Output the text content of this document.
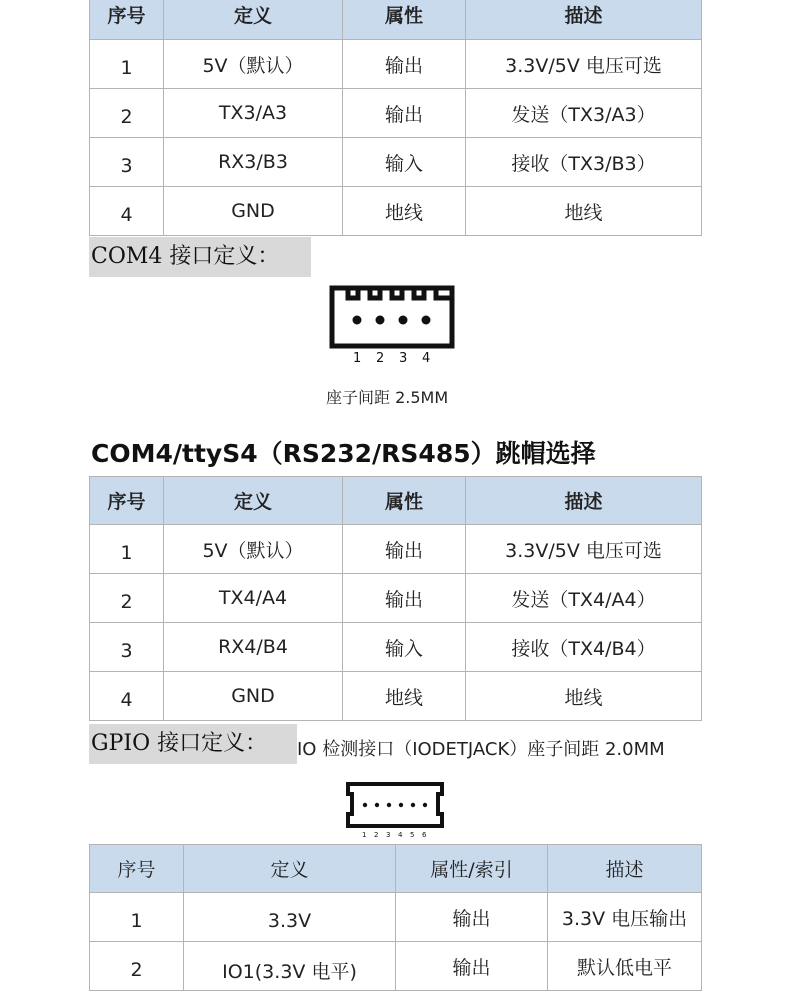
序号	定义	属性	描述
1	5V（默认）	输出	3.3V/5V 电压可选
2	TX3/A3	输出	发送（TX3/A3）
3	RX3/B3	输入	接收（TX3/B3）
4	GND	地线	地线
COM4 接口定义：
1 2 3 4
座子间距 2.5MM
COM4/ttyS4（RS232/RS485）跳帽选择
序号	定义	属性	描述
1	5V（默认）	输出	3.3V/5V 电压可选
2	TX4/A4	输出	发送（TX4/A4）
3	RX4/B4	输入	接收（TX4/B4）
4	GND	地线	地线
GPIO 接口定义：	IO 检测接口（IODETJACK）座子间距 2.0MM
1 2 3 4 5 6
序号	定义	属性/索引	描述
1	3.3V	输出	3.3V 电压输出
2	IO1(3.3V 电平)	输出	默认低电平
